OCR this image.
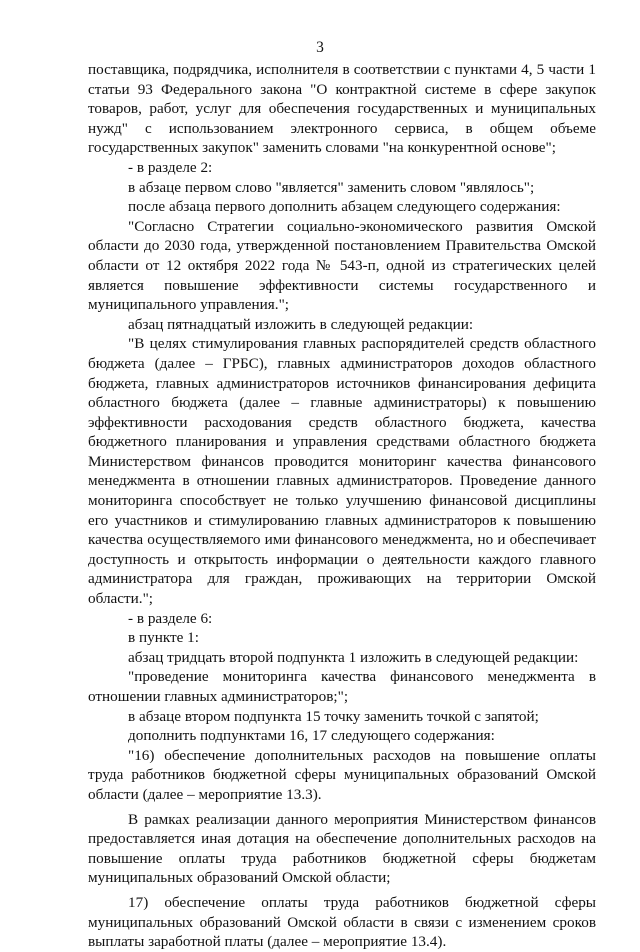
3

поставщика, подрядчика, исполнителя в соответствии с пунктами 4, 5 части 1 статьи 93 Федерального закона "О контрактной системе в сфере закупок товаров, работ, услуг для обеспечения государственных и муниципальных нужд" с использованием электронного сервиса, в общем объеме государственных закупок" заменить словами "на конкурентной основе";

- в разделе 2:

в абзаце первом слово "является" заменить словом "являлось";

после абзаца первого дополнить абзацем следующего содержания:

"Согласно Стратегии социально-экономического развития Омской области до 2030 года, утвержденной постановлением Правительства Омской области от 12 октября 2022 года № 543-п, одной из стратегических целей является повышение эффективности системы государственного и муниципального управления.";

абзац пятнадцатый изложить в следующей редакции:

"В целях стимулирования главных распорядителей средств областного бюджета (далее – ГРБС), главных администраторов доходов областного бюджета, главных администраторов источников финансирования дефицита областного бюджета (далее – главные администраторы) к повышению эффективности расходования средств областного бюджета, качества бюджетного планирования и управления средствами областного бюджета Министерством финансов проводится мониторинг качества финансового менеджмента в отношении главных администраторов. Проведение данного мониторинга способствует не только улучшению финансовой дисциплины его участников и стимулированию главных администраторов к повышению качества осуществляемого ими финансового менеджмента, но и обеспечивает доступность и открытость информации о деятельности каждого главного администратора для граждан, проживающих на территории Омской области.";

- в разделе 6:

в пункте 1:

абзац тридцать второй подпункта 1 изложить в следующей редакции:

"проведение мониторинга качества финансового менеджмента в отношении главных администраторов;";

в абзаце втором подпункта 15 точку заменить точкой с запятой;

дополнить подпунктами 16, 17 следующего содержания:

"16) обеспечение дополнительных расходов на повышение оплаты труда работников бюджетной сферы муниципальных образований Омской области (далее – мероприятие 13.3).

В рамках реализации данного мероприятия Министерством финансов предоставляется иная дотация на обеспечение дополнительных расходов на повышение оплаты труда работников бюджетной сферы бюджетам муниципальных образований Омской области;

17) обеспечение оплаты труда работников бюджетной сферы муниципальных образований Омской области в связи с изменением сроков выплаты заработной платы (далее – мероприятие 13.4).
